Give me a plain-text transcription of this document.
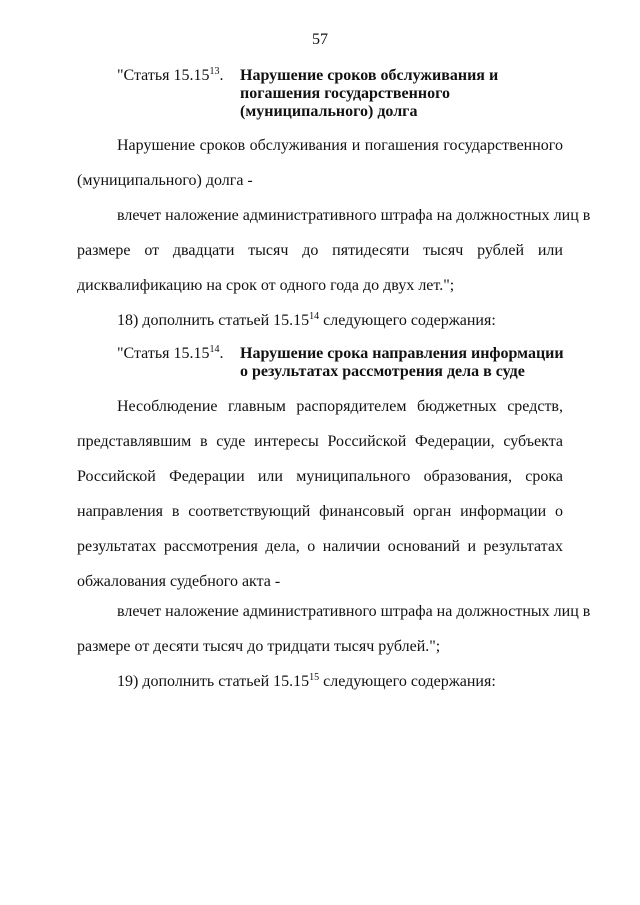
57
"Статья 15.15$^{13}$. Нарушение сроков обслуживания и
погашения государственного
(муниципального) долга
Нарушение сроков обслуживания и погашения государственного
(муниципального) долга -
влечет наложение административного штрафа на должностных лиц в
размере от двадцати тысяч до пятидесяти тысяч рублей или
дисквалификацию на срок от одного года до двух лет.";
18) дополнить статьей 15.15$^{14}$ следующего содержания:
"Статья 15.15$^{14}$. Нарушение срока направления информации
о результатах рассмотрения дела в суде
Несоблюдение главным распорядителем бюджетных средств,
представлявшим в суде интересы Российской Федерации, субъекта
Российской Федерации или муниципального образования, срока
направления в соответствующий финансовый орган информации о
результатах рассмотрения дела, о наличии оснований и результатах
обжалования судебного акта -
влечет наложение административного штрафа на должностных лиц в
размере от десяти тысяч до тридцати тысяч рублей.";
19) дополнить статьей 15.15$^{15}$ следующего содержания:
